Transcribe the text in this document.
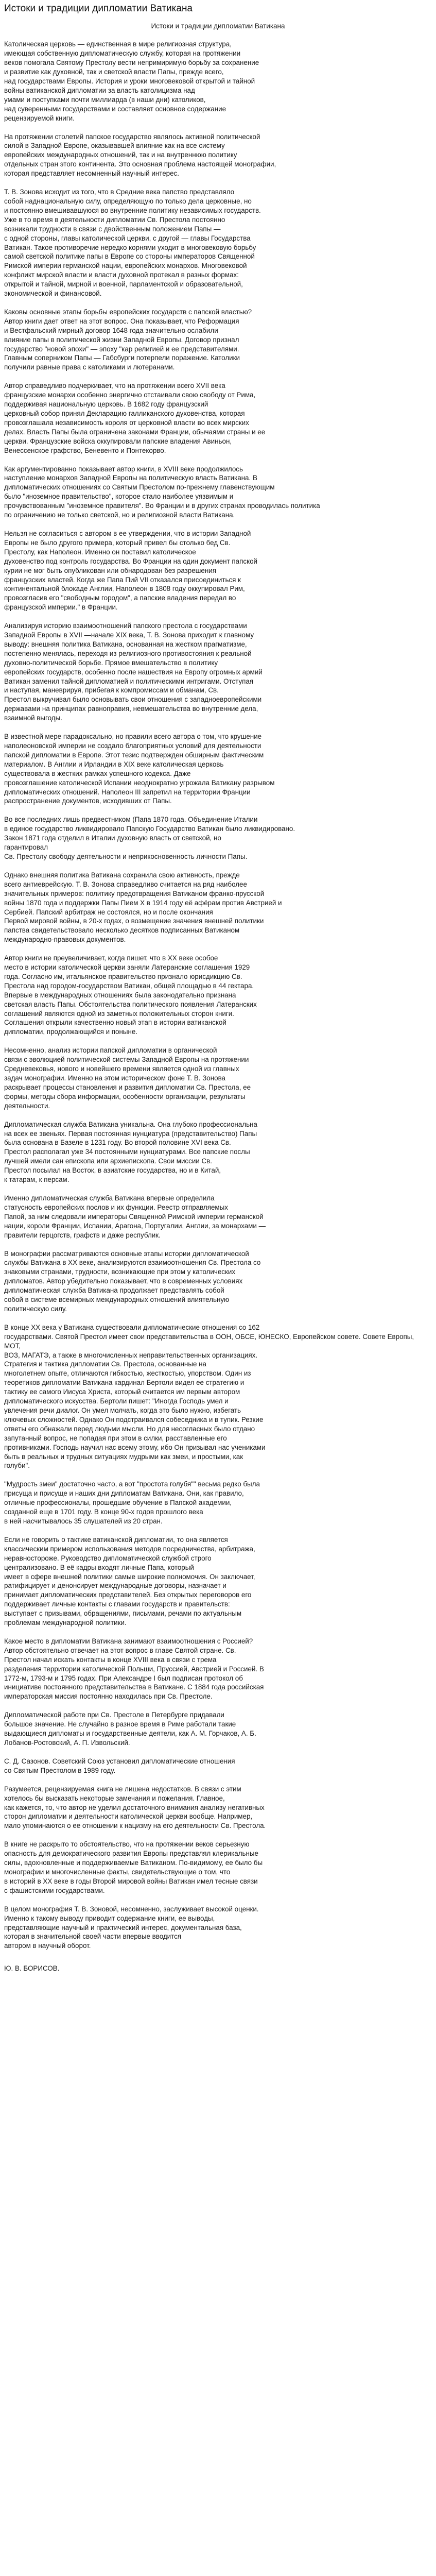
Истоки и традиции дипломатии Ватикана
Истоки и традиции дипломатии Ватикана

Католическая церковь — единственная в мире религиозная структура,
имеющая собственную дипломатическую службу, которая на протяжении
веков помогала Святому Престолу вести непримиримую борьбу за сохранение
и развитие как духовной, так и светской власти Папы, прежде всего,
над государствами Европы. История и уроки многовековой открытой и тайной
войны ватиканской дипломатии за власть католицизма над
умами и поступками почти миллиарда (в наши дни) католиков,
над суверенными государствами и составляет основное содержание
рецензируемой книги.

На протяжении столетий папское государство являлось активной политической
силой в Западной Европе, оказывавшей влияние как на все систему
европейских международных отношений, так и на внутреннюю политику
отдельных стран этого континента. Это основная проблема настоящей монографии,
которая представляет несомненный научный интерес.

Т. В. Зонова исходит из того, что в Средние века папство представляло
собой наднациональную силу, определяющую по только дела церковные, но
и постоянно вмешивавшуюся во внутренние политику независимых государств.
Уже в то время в деятельности дипломатии Св. Престола постоянно
возникали трудности в связи с двойственным положением Папы —
с одной стороны, главы католической церкви, с другой — главы Государства
Ватикан. Такое противоречие нередко корнями уходит в многовековую борьбу
самой светской политике папы в Европе со стороны императоров Священной
Римской империи германской нации, европейских монархов. Многовековой
конфликт мирской власти и власти духовной протекал в разных формах:
открытой и тайной, мирной и военной, парламентской и образовательной,
экономической и финансовой.

Каковы основные этапы борьбы европейских государств с папской властью?
Автор книги дает ответ на этот вопрос. Она показывает, что Реформация
и Вестфальский мирный договор 1648 года значительно ослабили
влияние папы в политической жизни Западной Европы. Договор признал
государство "новой эпохи" — эпоху "кар религией и ее представителями.
Главным соперником Папы — Габсбурги потерпели поражение. Католики
получили равные права с католиками и лютеранами.

Автор справедливо подчеркивает, что на протяжении всего XVII века
французские монархи особенно энергично отстаивали свою свободу от Рима,
поддерживая национальную церковь. В 1682 году французский
церковный собор принял Декларацию галликанского духовенства, которая
провозглашала независимость короля от церковной власти во всех мирских
делах. Власть Папы была ограничена законами Франции, обычаями страны и ее
церкви. Французские войска оккупировали папские владения Авиньон,
Венессенское графство, Беневенто и Понтекорво.

Как аргументированно показывает автор книги, в XVIII веке продолжилось
наступление монархов Западной Европы на политическую власть Ватикана. В
дипломатических отношениях со Святым Престолом по-прежнему главенствующим
было "иноземное правительство", которое стало наиболее уязвимым и
прочувствованным "иноземное правителя". Во Франции и в других странах проводилась политика
по ограничению не только светской, но и религиозной власти Ватикана.

Нельзя не согласиться с автором в ее утверждении, что в истории Западной
Европы не было другого примера, который привел бы столько бед Св.
Престолу, как Наполеон. Именно он поставил католическое
духовенство под контроль государства. Во Франции на один документ папской
курии не мог быть опубликован или обнародован без разрешения
французских властей. Когда же Папа Пий VII отказался присоединиться к
континентальной блокаде Англии, Наполеон в 1808 году оккупировал Рим,
провозгласив его "свободным городом", а папские владения передал во
французской империи." в Франции.

Анализируя историю взаимоотношений папского престола с государствами
Западной Европы в XVII —начале XIX века, Т. В. Зонова приходит к главному
выводу: внешняя политика Ватикана, основанная на жестком прагматизме,
постепенно менялась, переходя из религиозного противостояния к реальной
духовно-политической борьбе. Прямое вмешательство в политику
европейских государств, особенно после нашествия на Европу огромных армий
Ватикан заменил тайной дипломатией и политическими интригами. Отступая
и наступая, маневрируя, прибегая к компромиссам и обманам, Св.
Престол выкручивал было основывать свои отношения с западноевропейскими
державами на принципах равноправия, невмешательства во внутренние дела,
взаимной выгоды.

В известной мере парадоксально, но правили всего автора о том, что крушение
наполеоновской империи не создало благоприятных условий для деятельности
папской дипломатии в Европе. Этот тезис подтвержден обширным фактическим
материалом. В Англии и Ирландии в XIX веке католическая церковь
существовала в жестких рамках успешного кодекса. Даже
провозглашение католической Испании неоднократно угрожала Ватикану разрывом
дипломатических отношений. Наполеон III запретил на территории Франции
распространение документов, исходивших от Папы.

Во все последних лишь предвестником (Папа 1870 года. Объединение Италии
в единое государство ликвидировало Папскую Государство Ватикан было ликвидировано.
Закон 1871 года отделил в Италии духовную власть от светской, но
гарантировал
Св. Престолу свободу деятельности и неприкосновенность личности Папы.

Однако внешняя политика Ватикана сохранила свою активность, прежде
всего антиеврейскую. Т. В. Зонова справедливо считается на ряд наиболее
значительных примеров: политику предотвращения Ватиканом франко-прусской
войны 1870 года и поддержки Папы Пием X в 1914 году её афёрам против Австрией и
Сербией. Папский арбитраж не состоялся, но и после окончания
Первой мировой войны, в 20-х годах, о возмещение значения внешней политики
папства свидетельствовало несколько десятков подписанных Ватиканом
международно-правовых документов.

Автор книги не преувеличивает, когда пишет, что в XX веке особое
место в истории католической церкви заняли Латеранские соглашения 1929
года. Согласно им, итальянское правительство признало юрисдикцию Св.
Престола над городом-государством Ватикан, общей площадью в 44 гектара.
Впервые в международных отношениях была законодательно признана
светская власть Папы. Обстоятельства политического появления Латеранских
соглашений являются одной из заметных положительных сторон книги.
Соглашения открыли качественно новый этап в истории ватиканской
дипломатии, продолжающийся и поныне.

Несомненно, анализ истории папской дипломатии в органической
связи с эволюцией политической системы Западной Европы на протяжении
Средневековья, нового и новейшего времени является одной из главных
задач монографии. Именно на этом историческом фоне Т. В. Зонова
раскрывает процессы становления и развития дипломатии Св. Престола, ее
формы, методы сбора информации, особенности организации, результаты
деятельности.

Дипломатическая служба Ватикана уникальна. Она глубоко профессиональна
на всех ее звеньях. Первая постоянная нунциатура (представительство) Папы
была основана в Базеле в 1231 году. Во второй половине XVI века Св.
Престол располагал уже 34 постоянными нунциатурами. Все папские послы
лучшей имели сан епископа или архиепископа. Свои миссии Св.
Престол посылал на Восток, в азиатские государства, но и в Китай,
к татарам, к персам.

Именно дипломатическая служба Ватикана впервые определила
статусность европейских послов и их функции. Реестр отправляемых
Папой, за ним следовали императоры Священной Римской империи германской
нации, короли Франции, Испании, Арагона, Португалии, Англии, за монархами —
правители герцогств, графств и даже республик.

В монографии рассматриваются основные этапы истории дипломатической
службы Ватикана в XX веке, анализируются взаимоотношения Св. Престола со
знаковыми странами, трудности, возникающие при этом у католических
дипломатов. Автор убедительно показывает, что в современных условиях
дипломатическая служба Ватикана продолжает представлять собой
собой в системе всемирных международных отношений влиятельную
политическую силу.

В конце XX века у Ватикана существовали дипломатические отношения со 162
государствами. Святой Престол имеет свои представительства в ООН, ОБСЕ, ЮНЕСКО, Европейском совете. Совете Европы, МОТ,
ВОЗ, МАГАТЭ, а также в многочисленных неправительственных организациях.
Стратегия и тактика дипломатии Св. Престола, основанные на
многолетнем опыте, отличаются гибкостью, жесткостью, упорством. Один из
теоретиков дипломатии Ватикана кардинал Бертоли видел ее стратегию и
тактику ее самого Иисуса Христа, который считается им первым автором
дипломатического искусства. Бертоли пишет: "Иногда Господь умел и
увлечения речи диалог. Он умел молчать, когда это было нужно, избегать
ключевых сложностей. Однако Он подстраивался собеседника и в тупик. Резкие
ответы его обнажали перед людьми мысли. Но для несогласных было отдано
запутанный вопрос, не попадая при этом в силки, расставленные его
противниками. Господь научил нас всему этому, ибо Он призывал нас учениками
быть в реальных и трудных ситуациях мудрыми как змеи, и простыми, как
голуби".

"Мудрость змеи" достаточно часто, а вот "простота голубя"" весьма редко была
присуща и присуще и наших дни дипломатам Ватикана. Они, как правило,
отличные профессионалы, прошедшие обучение в Папской академии,
созданной еще в 1701 году. В конце 90-х годов прошлого века
в ней насчитывалось 35 слушателей из 20 стран.

Если не говорить о тактике ватиканской дипломатии, то она является
классическим примером использования методов посредничества, арбитража,
неравностороже. Руководство дипломатической службой строго
централизовано. В её кадры входят личные Папа, который
имеет в сфере внешней политики самые широкие полномочия. Он заключает,
ратифицирует и денонсирует международные договоры, назначает и
принимает дипломатических представителей. Без открытых переговоров его
поддерживает личные контакты с главами государств и правительств:
выступает с призывами, обращениями, письмами, речами по актуальным
проблемам международной политики.

Какое место в дипломатии Ватикана занимают взаимоотношения с Россией?
Автор обстоятельно отвечает на этот вопрос в главе Святой стране. Св.
Престол начал искать контакты в конце XVIII века в связи с трема
разделения территории католической Польши, Пруссией, Австрией и Россией. В
1772-м, 1793-м и 1795 годах. При Александре I был подписан протокол об
инициативе постоянного представительства в Ватикане. С 1884 года российская
императорская миссия постоянно находилась при Св. Престоле.

Дипломатической работе при Св. Престоле в Петербурге придавали
большое значение. Не случайно в разное время в Риме работали такие
выдающиеся дипломаты и государственные деятели, как А. М. Горчаков, А. Б.
Лобанов-Ростовский, А. П. Извольский.

С. Д. Сазонов. Советский Союз установил дипломатические отношения
со Святым Престолом в 1989 году.

Разумеется, рецензируемая книга не лишена недостатков. В связи с этим
хотелось бы высказать некоторые замечания и пожелания. Главное,
как кажется, то, что автор не уделил достаточного внимания анализу негативных
сторон дипломатии и деятельности католической церкви вообще. Например,
мало упоминаются о ее отношении к нацизму на его деятельности Св. Престола.

В книге не раскрыто то обстоятельство, что на протяжении веков серьезную
опасность для демократического развития Европы представлял клерикальные
силы, вдохновленные и поддерживаемые Ватиканом. По-видимому, ее было бы
монографии и многочисленные факты, свидетельствующие о том, что
в историй в XX веке в годы Второй мировой войны Ватикан имел тесные связи
с фашистскими государствами.

В целом монография Т. В. Зоновой, несомненно, заслуживает высокой оценки.
Именно к такому выводу приводит содержание книги, ее выводы,
представляющие научный и практический интерес, документальная база,
которая в значительной своей части впервые вводится
автором в научный оборот.

Ю. В. БОРИСОВ.
